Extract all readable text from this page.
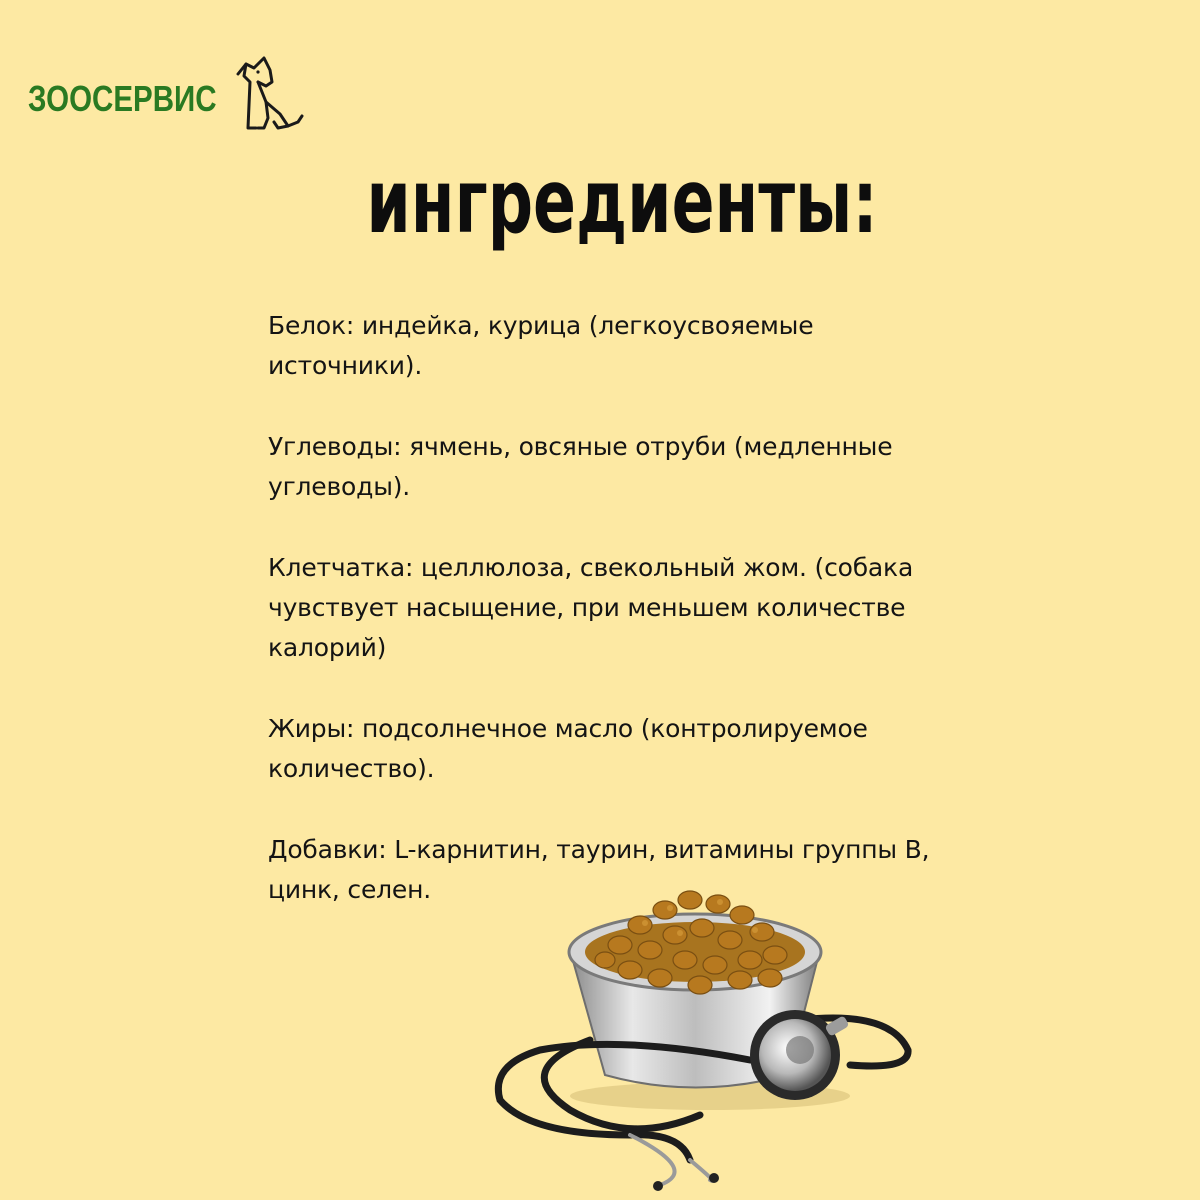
ЗООСЕРВИС
ингредиенты:

Белок: индейка, курица (легкоусвояемые источники).

Углеводы: ячмень, овсяные отруби (медленные углеводы).

Клетчатка: целлюлоза, свекольный жом. (собака чувствует насыщение, при меньшем количестве калорий)

Жиры: подсолнечное масло (контролируемое количество).

Добавки: L-карнитин, таурин, витамины группы В, цинк, селен.
